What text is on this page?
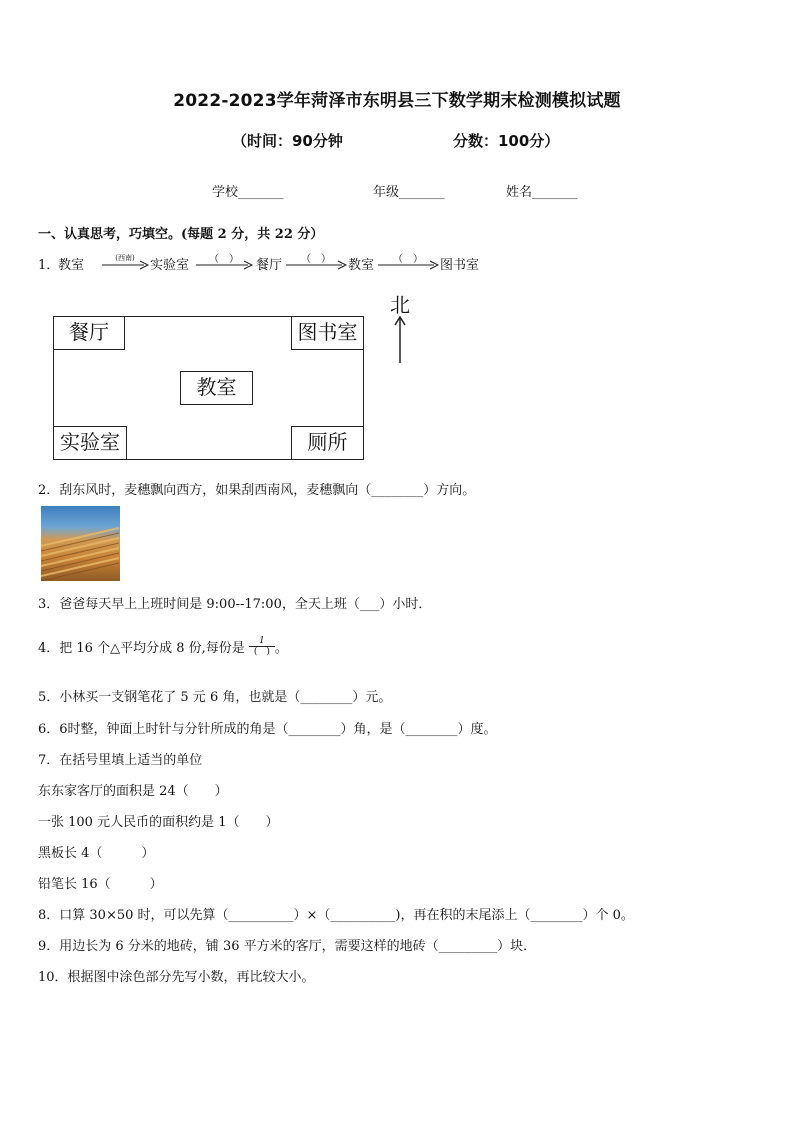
2022-2023学年菏泽市东明县三下数学期末检测模拟试题
（时间：90分钟	分数：100分）
学校_______	年级_______	姓名_______
一、认真思考，巧填空。(每题 2 分，共 22 分）
1．
教室	(西南)	实验室	（　）	餐厅	（　）	教室	（　）	图书室
餐厅	图书室
教室
实验室	厕所
北
2．刮东风时，麦穗飘向西方，如果刮西南风，麦穗飘向（________）方向。
3．爸爸每天早上上班时间是 9:00--17:00，全天上班（___）小时．
4．把 16 个△平均分成 8 份,每份是
1
(　) 。
5．小林买一支钢笔花了 5 元 6 角，也就是（________）元。
6．6时整，钟面上时针与分针所成的角是（________）角，是（________）度。
7．在括号里填上适当的单位
东东家客厅的面积是 24（　　）
一张 100 元人民币的面积约是 1（　　）
黑板长 4（　　　）
铅笔长 16（　　　）
8．口算 30×50 时，可以先算（__________）×（__________)，再在积的末尾添上（________）个 0。
9．用边长为 6 分米的地砖，铺 36 平方米的客厅，需要这样的地砖（_________）块．
10．根据图中涂色部分先写小数，再比较大小。
